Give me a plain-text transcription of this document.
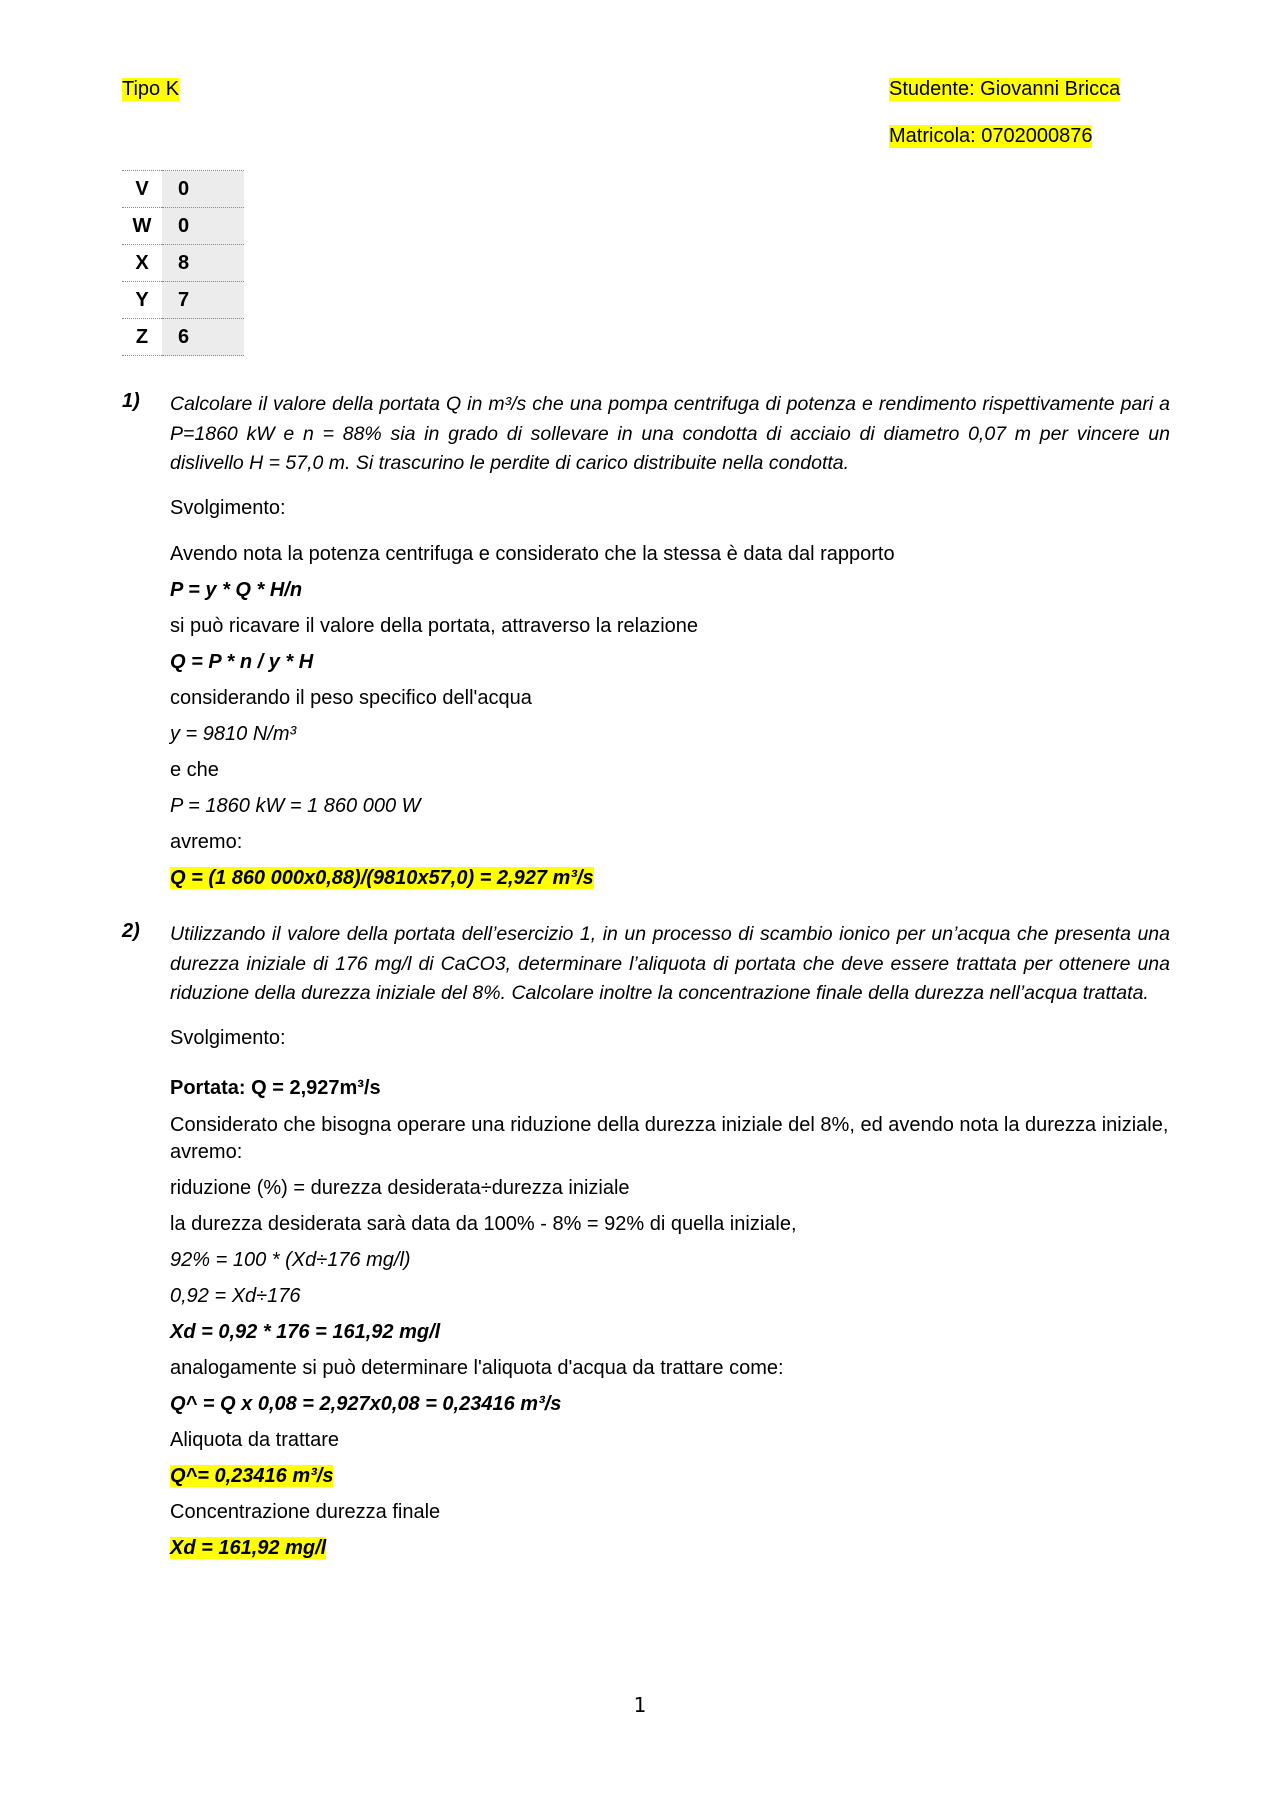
Tipo K	Studente: Giovanni Bricca
Matricola: 0702000876
V	0
W	0
X	8
Y	7
Z	6
1) Calcolare il valore della portata Q in m³/s che una pompa centrifuga di potenza e rendimento rispettivamente pari a P=1860 kW e n = 88% sia in grado di sollevare in una condotta di acciaio di diametro 0,07 m per vincere un dislivello H = 57,0 m. Si trascurino le perdite di carico distribuite nella condotta.
Svolgimento:
Avendo nota la potenza centrifuga e considerato che la stessa è data dal rapporto
P = y * Q * H/n
si può ricavare il valore della portata, attraverso la relazione
Q = P * n / y * H
considerando il peso specifico dell'acqua
y = 9810 N/m³
e che
P = 1860 kW = 1 860 000 W
avremo:
Q = (1 860 000x0,88)/(9810x57,0) = 2,927 m³/s
2) Utilizzando il valore della portata dell’esercizio 1, in un processo di scambio ionico per un’acqua che presenta una durezza iniziale di 176 mg/l di CaCO3, determinare l’aliquota di portata che deve essere trattata per ottenere una riduzione della durezza iniziale del 8%. Calcolare inoltre la concentrazione finale della durezza nell’acqua trattata.
Svolgimento:
Portata: Q = 2,927m³/s
Considerato che bisogna operare una riduzione della durezza iniziale del 8%, ed avendo nota la durezza iniziale, avremo:
riduzione (%) = durezza desiderata÷durezza iniziale
la durezza desiderata sarà data da 100% - 8% = 92% di quella iniziale,
92% = 100 * (Xd÷176 mg/l)
0,92 = Xd÷176
Xd = 0,92 * 176 = 161,92 mg/l
analogamente si può determinare l'aliquota d'acqua da trattare come:
Q^ = Q x 0,08 = 2,927x0,08 = 0,23416 m³/s
Aliquota da trattare
Q^= 0,23416 m³/s
Concentrazione durezza finale
Xd = 161,92 mg/l
1
